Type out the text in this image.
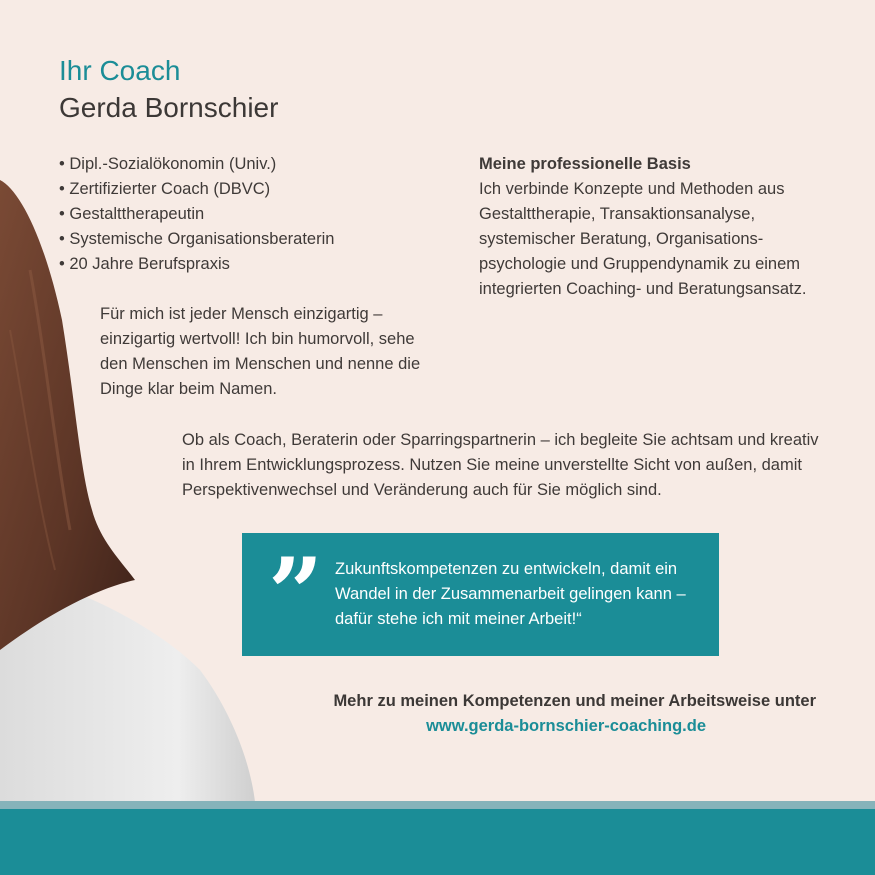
Ihr Coach
Gerda Bornschier
• Dipl.-Sozialökonomin (Univ.)
• Zertifizierter Coach (DBVC)
• Gestalttherapeutin
• Systemische Organisationsberaterin
• 20 Jahre Berufspraxis

Für mich ist jeder Mensch einzigartig – einzigartig wertvoll! Ich bin humorvoll, sehe den Menschen im Menschen und nenne die Dinge klar beim Namen.

Meine professionelle Basis

Ich verbinde Konzepte und Methoden aus Gestalttherapie, Transaktionsanalyse, systemischer Beratung, Organisations-psychologie und Gruppendynamik zu einem integrierten Coaching- und Beratungsansatz.

Ob als Coach, Beraterin oder Sparringspartnerin – ich begleite Sie achtsam und kreativ in Ihrem Entwicklungsprozess. Nutzen Sie meine unverstellte Sicht von außen, damit Perspektivenwechsel und Veränderung auch für Sie möglich sind.

” Zukunftskompetenzen zu entwickeln, damit ein Wandel in der Zusammenarbeit gelingen kann – dafür stehe ich mit meiner Arbeit!“

Mehr zu meinen Kompetenzen und meiner Arbeitsweise unter
www.gerda-bornschier-coaching.de
